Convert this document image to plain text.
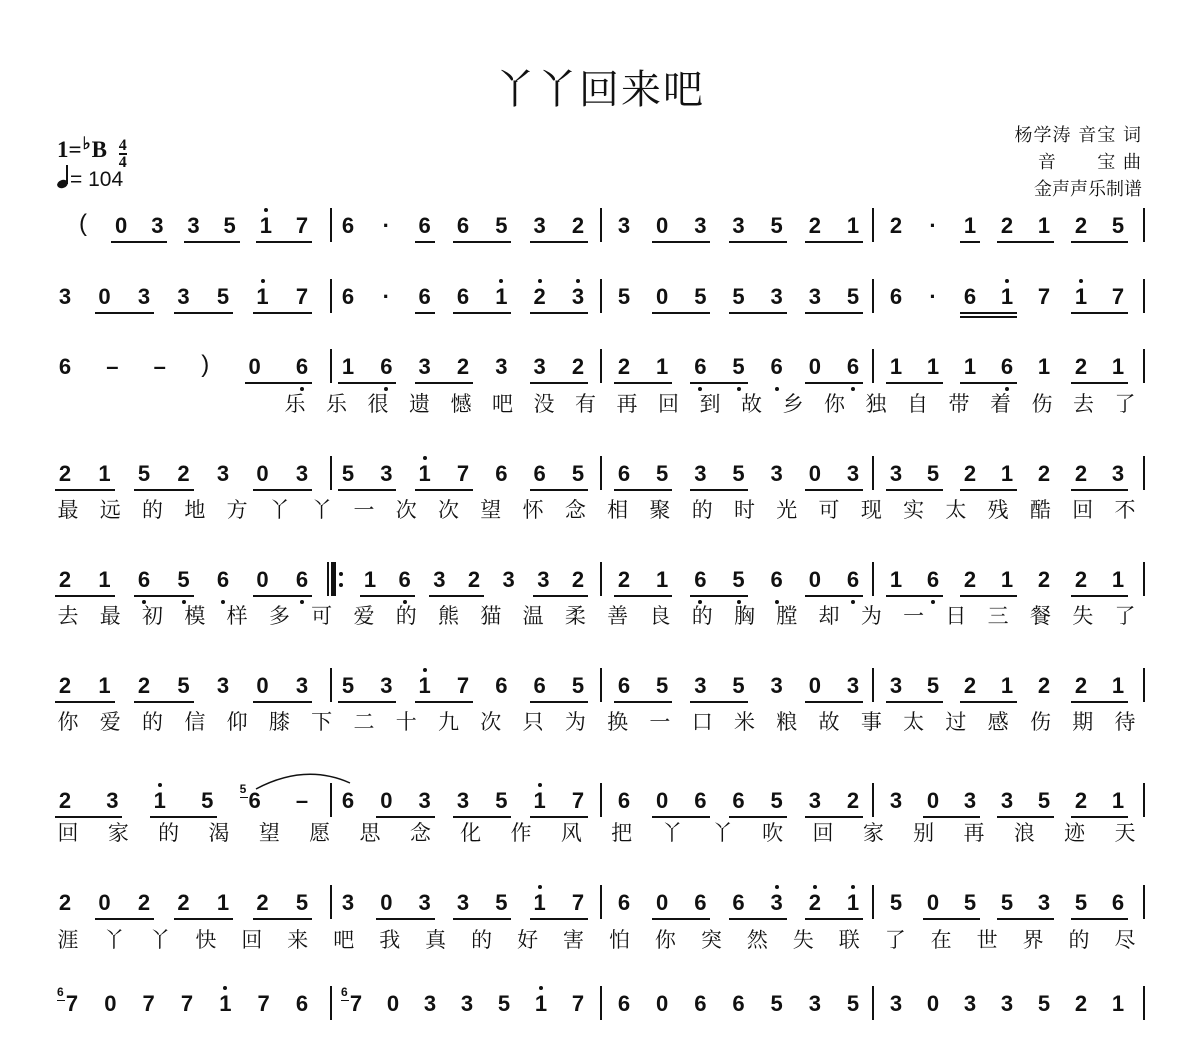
丫丫回来吧
$1=^♭B \frac{4}{4}$
= 104
杨学涛 音宝 词
音      宝 曲
金声声乐制谱
(	0	3	3	5	1	7	6	·	6	6	5	3	2	3	0	3	3	5	2	1	2	·	1	2	1	2	5
3	0	3	3	5	1	7	6	·	6	6	1	2	3	5	0	5	5	3	3	5	6	·	6	1	7	1	7
6	–	–	)	0	6	1	6	3	2	3	3	2	2	1	6	5	6	0	6	1	1	1	6	1	2	1
乐 乐 很 遗 憾 吧 没 有 再 回 到 故 乡 你 独 自 带 着 伤 去 了
2	1	5	2	3	0	3	5	3	1	7	6	6	5	6	5	3	5	3	0	3	3	5	2	1	2	2	3
最 远 的 地 方 丫 丫 一 次 次 望 怀 念 相 聚 的 时 光 可 现 实 太 残 酷 回 不
2	1	6	5	6	0	6	1	6	3	2	3	3	2	2	1	6	5	6	0	6	1	6	2	1	2	2	1
去 最 初 模 样 多 可 爱 的 熊 猫 温 柔 善 良 的 胸 膛 却 为 一 日 三 餐 失 了
2	1	2	5	3	0	3	5	3	1	7	6	6	5	6	5	3	5	3	0	3	3	5	2	1	2	2	1
你 爱 的 信 仰 膝 下 二 十 九 次 只 为 换 一 口 米 粮 故 事 太 过 感 伤 期 待
2	3	1	5	6
5	–	6	0	3	3	5	1	7	6	0	6	6	5	3	2	3	0	3	3	5	2	1
回 家 的 渴 望 愿 思 念 化 作 风 把 丫 丫 吹 回 家 别 再 浪 迹 天
2	0	2	2	1	2	5	3	0	3	3	5	1	7	6	0	6	6	3	2	1	5	0	5	5	3	5	6
涯 丫 丫 快 回 来 吧 我 真 的 好 害 怕 你 突 然 失 联 了 在 世 界 的 尽
7
6	0	7	7	1	7	6	7
6	0	3	3	5	1	7	6	0	6	6	5	3	5	3	0	3	3	5	2	1
